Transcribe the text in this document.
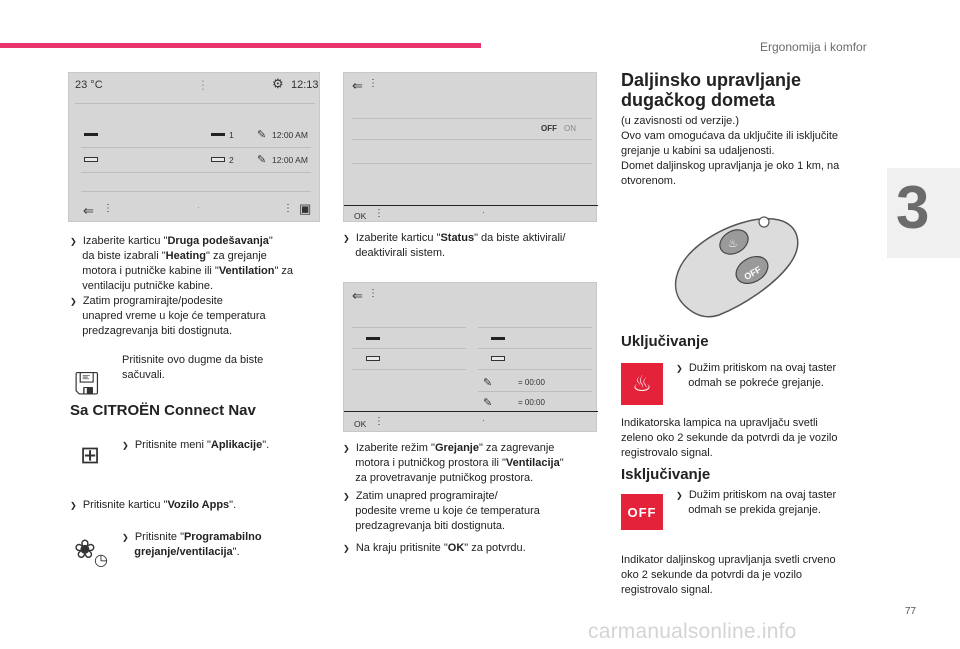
Ergonomija i komfor
3
23 °C	⋮	⚙ 12:13
1 ✎ 12:00 AM
2 ✎ 12:00 AM
⇐ ⋮	·	⋮ ▣
❯ Izaberite karticu "Druga podešavanja"
da biste izabrali "Heating" za grejanje
motora i putničke kabine ili "Ventilation" za
ventilaciju putničke kabine.
❯ Zatim programirajte/podesite
unapred vreme u koje će temperatura
predzagrevanja biti dostignuta.
🖫
Pritisnite ovo dugme da biste
sačuvali.
Sa CITROËN Connect Nav
⊞	❯ Pritisnite meni "Aplikacije".
❯ Pritisnite karticu "Vozilo Apps".
❀
◷
❯ Pritisnite "Programabilno
grejanje/ventilacija".
⇐ ⋮
OFF ON
OK ⋮	·
❯ Izaberite karticu "Status" da biste aktivirali/
deaktivirali sistem.
⇐ ⋮
✎	= 00:00
✎	= 00:00
OK ⋮	·
❯ Izaberite režim "Grejanje" za zagrevanje
motora i putničkog prostora ili "Ventilacija"
za provetravanje putničkog prostora.
❯ Zatim unapred programirajte/
podesite vreme u koje će temperatura
predzagrevanja biti dostignuta.
❯ Na kraju pritisnite "OK" za potvrdu.
Daljinsko upravljanje
dugačkog dometa
(u zavisnosti od verzije.)
Ovo vam omogućava da uključite ili isključite
grejanje u kabini sa udaljenosti.
Domet daljinskog upravljanja je oko 1 km, na
otvorenom.
♨
OFF
Uključivanje
♨
❯ Dužim pritiskom na ovaj taster
odmah se pokreće grejanje.
Indikatorska lampica na upravljaču svetli
zeleno oko 2 sekunde da potvrdi da je vozilo
registrovalo signal.
Isključivanje
OFF
❯ Dužim pritiskom na ovaj taster
odmah se prekida grejanje.
Indikator daljinskog upravljanja svetli crveno
oko 2 sekunde da potvrdi da je vozilo
registrovalo signal.
77
carmanualsonline.info
